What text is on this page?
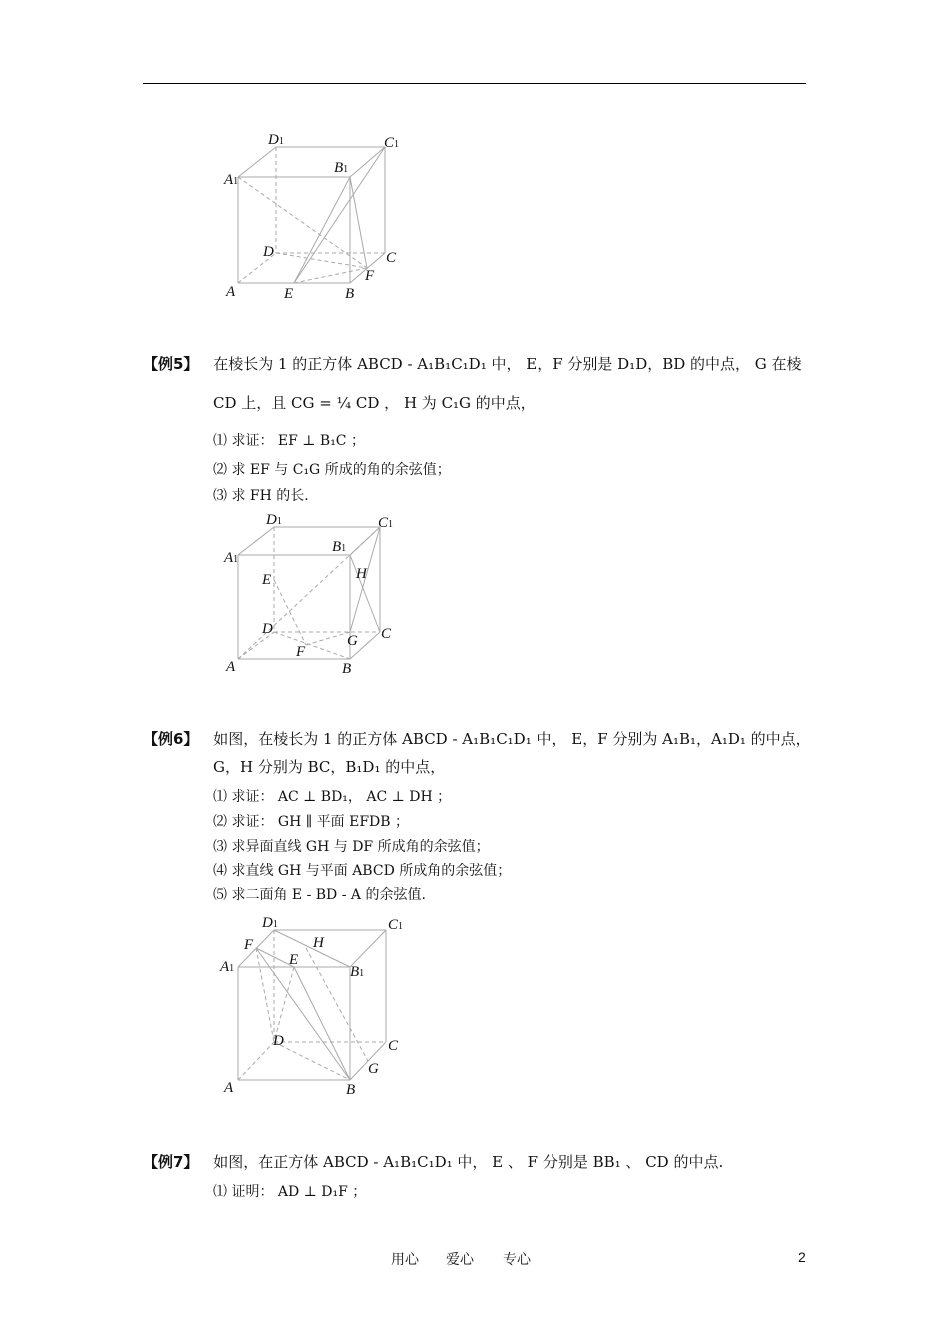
D1	C1
A1
B1
D	C
F
A	E	B
【例5】 在棱长为 1 的正方体 ABCD - A₁B₁C₁D₁ 中， E，F 分别是 D₁D，BD 的中点， G 在棱
CD 上，且 CG = ¼ CD ， H 为 C₁G 的中点，
⑴ 求证： EF ⊥ B₁C ；
⑵ 求 EF 与 C₁G 所成的角的余弦值；
⑶ 求 FH 的长.
D1	C1
A1
B1
E	H
D
G C
F
A	B
【例6】 如图，在棱长为 1 的正方体 ABCD - A₁B₁C₁D₁ 中， E，F 分别为 A₁B₁，A₁D₁ 的中点，
G，H 分别为 BC，B₁D₁ 的中点，
⑴ 求证： AC ⊥ BD₁， AC ⊥ DH ；
⑵ 求证： GH ∥ 平面 EFDB ；
⑶ 求异面直线 GH 与 DF 所成角的余弦值；
⑷ 求直线 GH 与平面 ABCD 所成角的余弦值；
⑸ 求二面角 E - BD - A 的余弦值.
D1	C1
F	H
A1
E
B1
D	C
G
A	B
【例7】 如图，在正方体 ABCD - A₁B₁C₁D₁ 中， E 、 F 分别是 BB₁ 、 CD 的中点.
⑴ 证明： AD ⊥ D₁F ；
用心 爱心 专心	2
